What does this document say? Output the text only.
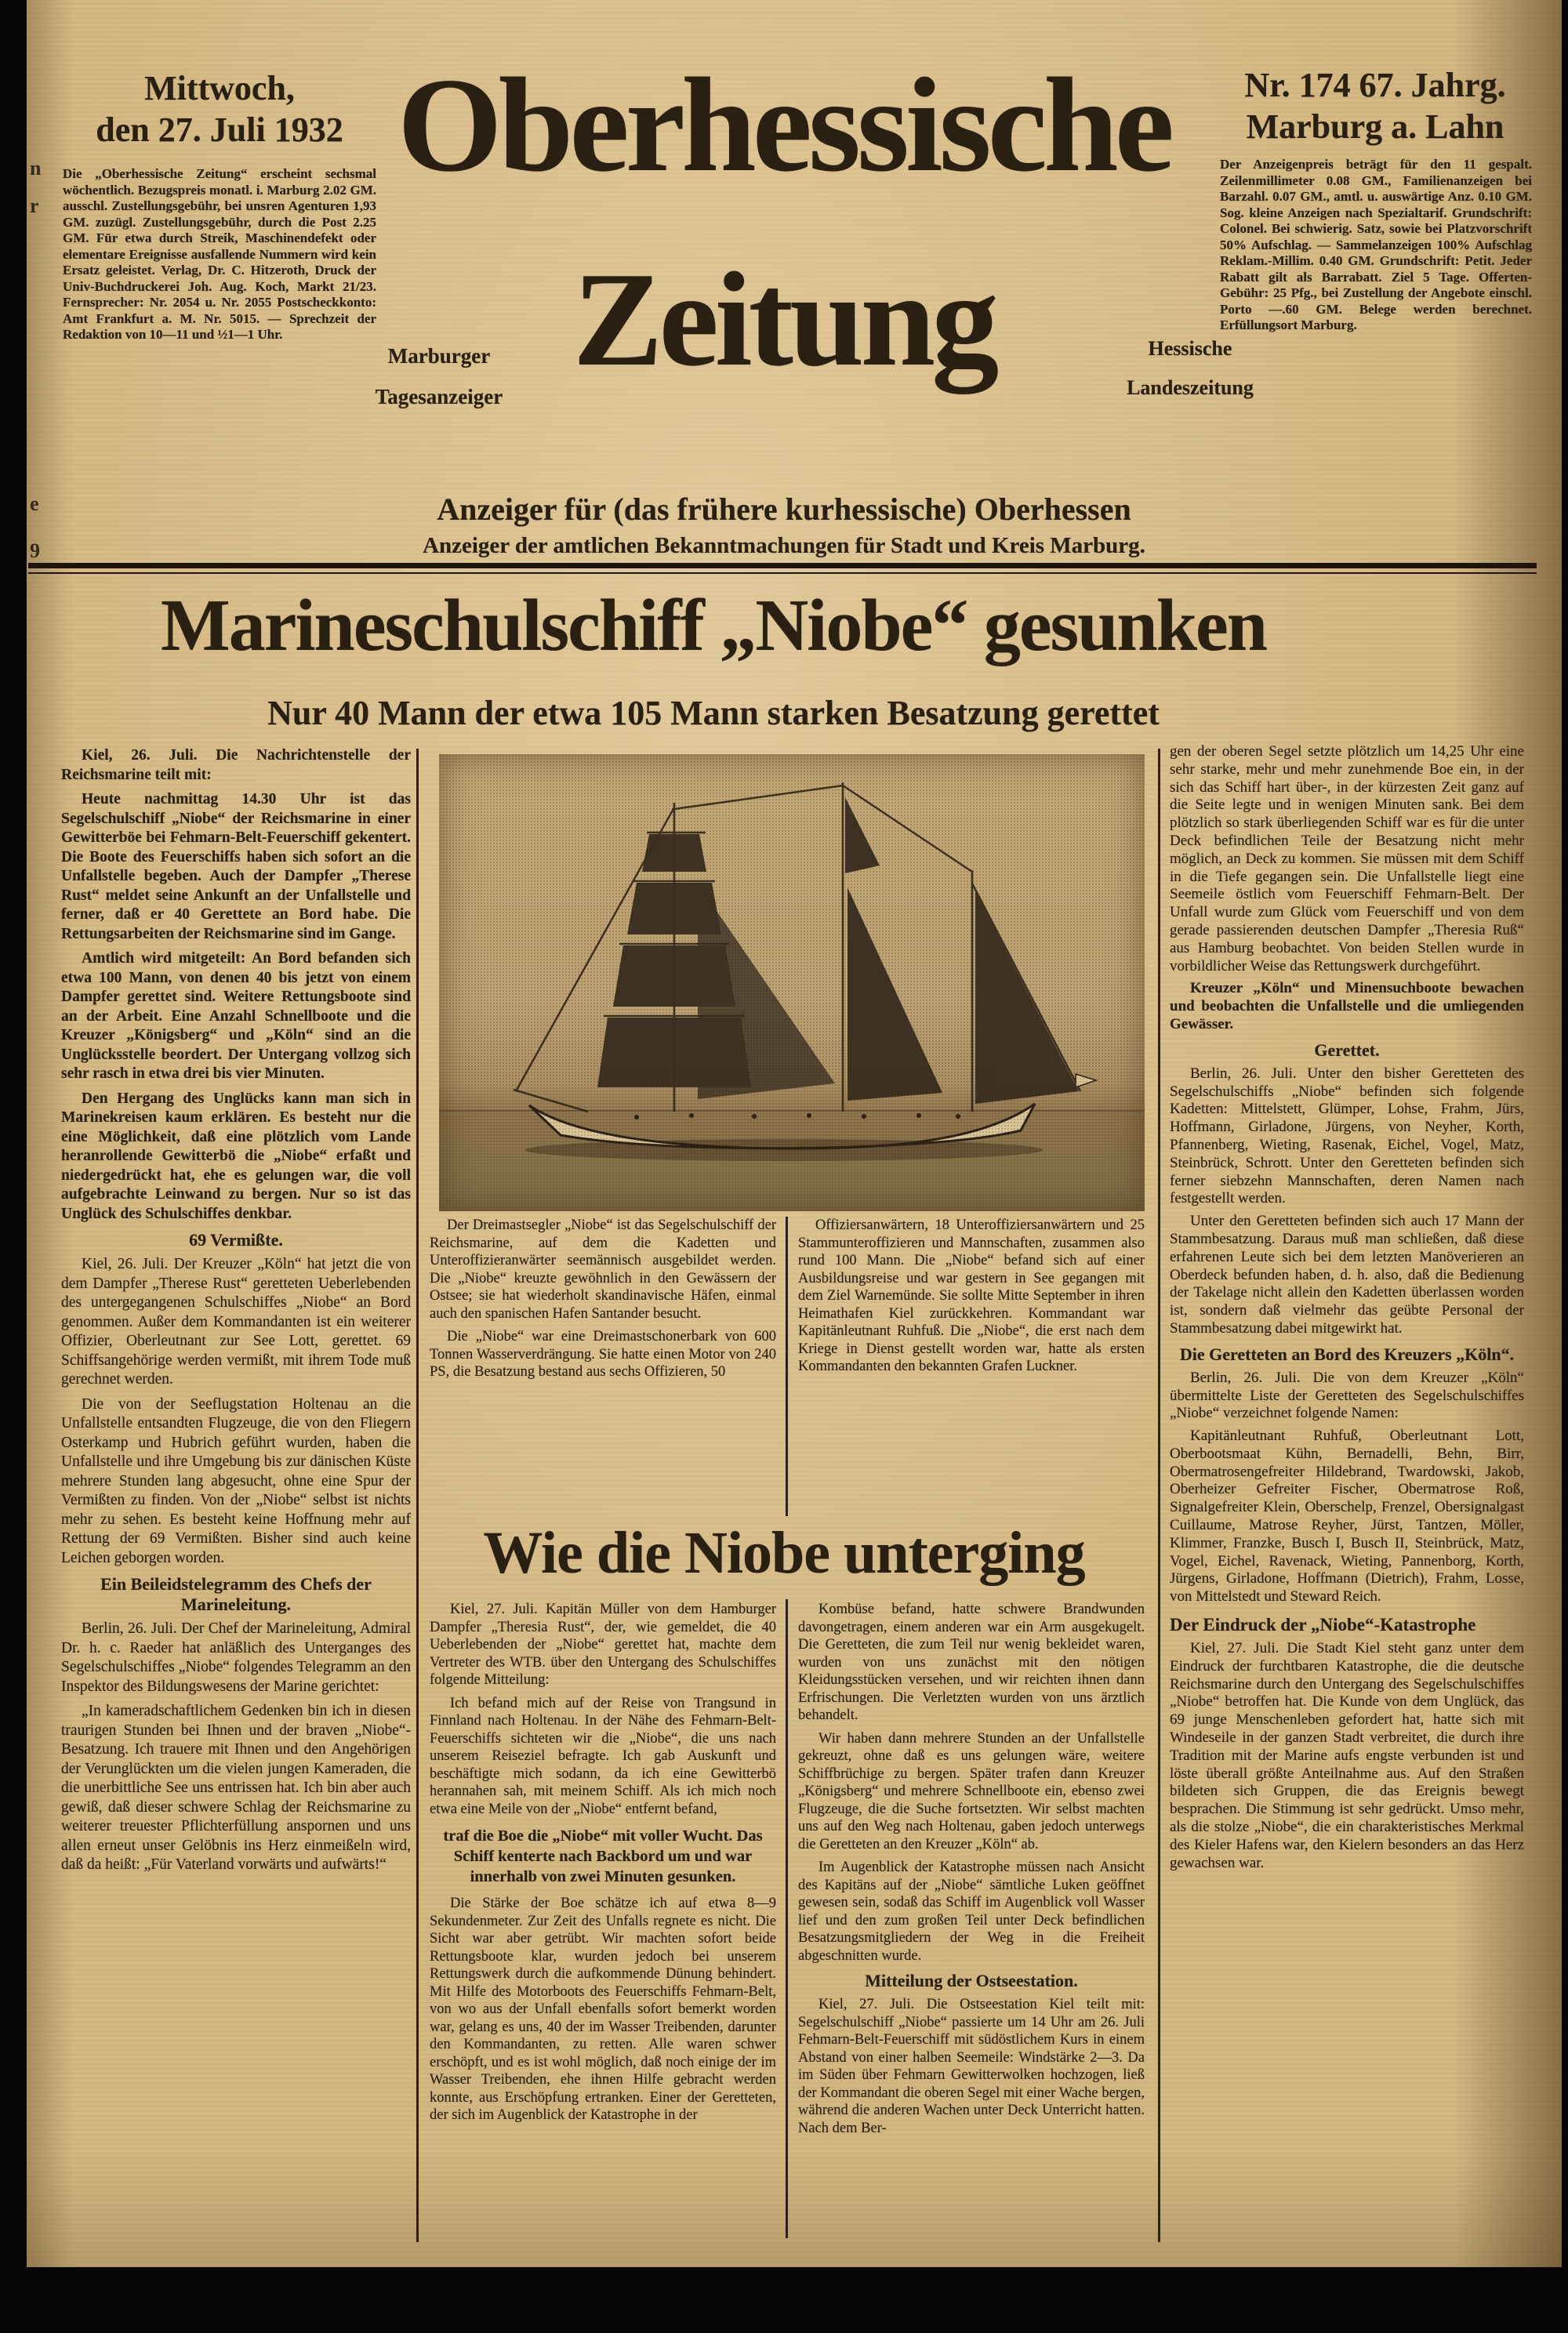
n
r
e
9
Mittwoch,
den 27. Juli 1932
Die „Oberhessische Zeitung“ erscheint sechsmal wöchentlich. Bezugspreis monatl. i. Marburg 2.02 GM. ausschl. Zustellungsgebühr, bei unsren Agenturen 1,93 GM. zuzügl. Zustellungsgebühr, durch die Post 2.25 GM. Für etwa durch Streik, Maschinendefekt oder elementare Ereignisse ausfallende Nummern wird kein Ersatz geleistet. Verlag, Dr. C. Hitzeroth, Druck der Univ-Buchdruckerei Joh. Aug. Koch, Markt 21/23. Fernsprecher: Nr. 2054 u. Nr. 2055 Postscheckkonto: Amt Frankfurt a. M. Nr. 5015. — Sprechzeit der Redaktion von 10—11 und ½1—1 Uhr.
Oberhessische
Zeitung
Marburger
Tagesanzeiger
Hessische
Landeszeitung
Nr. 174 67. Jahrg.
Marburg a. Lahn
Der Anzeigenpreis beträgt für den 11 gespalt. Zeilenmillimeter 0.08 GM., Familienanzeigen bei Barzahl. 0.07 GM., amtl. u. auswärtige Anz. 0.10 GM. Sog. kleine Anzeigen nach Spezialtarif. Grundschrift: Colonel. Bei schwierig. Satz, sowie bei Platzvorschrift 50% Aufschlag. — Sammelanzeigen 100% Aufschlag Reklam.-Millim. 0.40 GM. Grundschrift: Petit. Jeder Rabatt gilt als Barrabatt. Ziel 5 Tage. Offerten-Gebühr: 25 Pfg., bei Zustellung der Angebote einschl. Porto —.60 GM. Belege werden berechnet. Erfüllungsort Marburg.
Anzeiger für (das frühere kurhessische) Oberhessen
Anzeiger der amtlichen Bekanntmachungen für Stadt und Kreis Marburg.
Marineschulschiff „Niobe“ gesunken
Nur 40 Mann der etwa 105 Mann starken Besatzung gerettet

Kiel, 26. Juli. Die Nachrichtenstelle der Reichsmarine teilt mit:

Heute nachmittag 14.30 Uhr ist das Segelschulschiff „Niobe“ der Reichsmarine in einer Gewitterböe bei Fehmarn-Belt-Feuerschiff gekentert. Die Boote des Feuerschiffs haben sich sofort an die Unfallstelle begeben. Auch der Dampfer „Therese Rust“ meldet seine Ankunft an der Unfallstelle und ferner, daß er 40 Gerettete an Bord habe. Die Rettungsarbeiten der Reichsmarine sind im Gange.

Amtlich wird mitgeteilt: An Bord befanden sich etwa 100 Mann, von denen 40 bis jetzt von einem Dampfer gerettet sind. Weitere Rettungsboote sind an der Arbeit. Eine Anzahl Schnellboote und die Kreuzer „Königsberg“ und „Köln“ sind an die Unglücksstelle beordert. Der Untergang vollzog sich sehr rasch in etwa drei bis vier Minuten.

Den Hergang des Unglücks kann man sich in Marinekreisen kaum erklären. Es besteht nur die eine Möglichkeit, daß eine plötzlich vom Lande heranrollende Gewitterbö die „Niobe“ erfaßt und niedergedrückt hat, ehe es gelungen war, die voll aufgebrachte Leinwand zu bergen. Nur so ist das Unglück des Schulschiffes denkbar.

69 Vermißte.

Kiel, 26. Juli. Der Kreuzer „Köln“ hat jetzt die von dem Dampfer „Therese Rust“ geretteten Ueberlebenden des untergegangenen Schulschiffes „Niobe“ an Bord genommen. Außer dem Kommandanten ist ein weiterer Offizier, Oberleutnant zur See Lott, gerettet. 69 Schiffsangehörige werden vermißt, mit ihrem Tode muß gerechnet werden.

Die von der Seeflugstation Holtenau an die Unfallstelle entsandten Flugzeuge, die von den Fliegern Osterkamp und Hubrich geführt wurden, haben die Unfallstelle und ihre Umgebung bis zur dänischen Küste mehrere Stunden lang abgesucht, ohne eine Spur der Vermißten zu finden. Von der „Niobe“ selbst ist nichts mehr zu sehen. Es besteht keine Hoffnung mehr auf Rettung der 69 Vermißten. Bisher sind auch keine Leichen geborgen worden.

Ein Beileidstelegramm des Chefs der Marineleitung.

Berlin, 26. Juli. Der Chef der Marineleitung, Admiral Dr. h. c. Raeder hat anläßlich des Unterganges des Segelschulschiffes „Niobe“ folgendes Telegramm an den Inspektor des Bildungswesens der Marine gerichtet:

„In kameradschaftlichem Gedenken bin ich in diesen traurigen Stunden bei Ihnen und der braven „Niobe“-Besatzung. Ich trauere mit Ihnen und den Angehörigen der Verunglückten um die vielen jungen Kameraden, die die unerbittliche See uns entrissen hat. Ich bin aber auch gewiß, daß dieser schwere Schlag der Reichsmarine zu weiterer treuester Pflichterfüllung anspornen und uns allen erneut unser Gelöbnis ins Herz einmeißeln wird, daß da heißt: „Für Vaterland vorwärts und aufwärts!“

Der Dreimastsegler „Niobe“ ist das Segelschulschiff der Reichsmarine, auf dem die Kadetten und Unteroffizieranwärter seemännisch ausgebildet werden. Die „Niobe“ kreuzte gewöhnlich in den Gewässern der Ostsee; sie hat wiederholt skandinavische Häfen, einmal auch den spanischen Hafen Santander besucht.

Die „Niobe“ war eine Dreimastschonerbark von 600 Tonnen Wasserverdrängung. Sie hatte einen Motor von 240 PS, die Besatzung bestand aus sechs Offizieren, 50

Offiziersanwärtern, 18 Unteroffiziersanwärtern und 25 Stammunteroffizieren und Mannschaften, zusammen also rund 100 Mann. Die „Niobe“ befand sich auf einer Ausbildungsreise und war gestern in See gegangen mit dem Ziel Warnemünde. Sie sollte Mitte September in ihren Heimathafen Kiel zurückkehren. Kommandant war Kapitänleutnant Ruhfuß. Die „Niobe“, die erst nach dem Kriege in Dienst gestellt worden war, hatte als ersten Kommandanten den bekannten Grafen Luckner.

Wie die Niobe unterging

Kiel, 27. Juli. Kapitän Müller von dem Hamburger Dampfer „Theresia Rust“, der, wie gemeldet, die 40 Ueberlebenden der „Niobe“ gerettet hat, machte dem Vertreter des WTB. über den Untergang des Schulschiffes folgende Mitteilung:

Ich befand mich auf der Reise von Trangsund in Finnland nach Holtenau. In der Nähe des Fehmarn-Belt-Feuerschiffs sichteten wir die „Niobe“, die uns nach unserem Reiseziel befragte. Ich gab Auskunft und beschäftigte mich sodann, da ich eine Gewitterbö herannahen sah, mit meinem Schiff. Als ich mich noch etwa eine Meile von der „Niobe“ entfernt befand,

traf die Boe die „Niobe“ mit voller Wucht. Das Schiff kenterte nach Backbord um und war innerhalb von zwei Minuten gesunken.

Die Stärke der Boe schätze ich auf etwa 8—9 Sekundenmeter. Zur Zeit des Unfalls regnete es nicht. Die Sicht war aber getrübt. Wir machten sofort beide Rettungsboote klar, wurden jedoch bei unserem Rettungswerk durch die aufkommende Dünung behindert. Mit Hilfe des Motorboots des Feuerschiffs Fehmarn-Belt, von wo aus der Unfall ebenfalls sofort bemerkt worden war, gelang es uns, 40 der im Wasser Treibenden, darunter den Kommandanten, zu retten. Alle waren schwer erschöpft, und es ist wohl möglich, daß noch einige der im Wasser Treibenden, ehe ihnen Hilfe gebracht werden konnte, aus Erschöpfung ertranken. Einer der Geretteten, der sich im Augenblick der Katastrophe in der

Kombüse befand, hatte schwere Brandwunden davongetragen, einem anderen war ein Arm ausgekugelt. Die Geretteten, die zum Teil nur wenig bekleidet waren, wurden von uns zunächst mit den nötigen Kleidungsstücken versehen, und wir reichten ihnen dann Erfrischungen. Die Verletzten wurden von uns ärztlich behandelt.

Wir haben dann mehrere Stunden an der Unfallstelle gekreuzt, ohne daß es uns gelungen wäre, weitere Schiffbrüchige zu bergen. Später trafen dann Kreuzer „Königsberg“ und mehrere Schnellboote ein, ebenso zwei Flugzeuge, die die Suche fortsetzten. Wir selbst machten uns auf den Weg nach Holtenau, gaben jedoch unterwegs die Geretteten an den Kreuzer „Köln“ ab.

Im Augenblick der Katastrophe müssen nach Ansicht des Kapitäns auf der „Niobe“ sämtliche Luken geöffnet gewesen sein, sodaß das Schiff im Augenblick voll Wasser lief und den zum großen Teil unter Deck befindlichen Besatzungsmitgliedern der Weg in die Freiheit abgeschnitten wurde.

Mitteilung der Ostseestation.

Kiel, 27. Juli. Die Ostseestation Kiel teilt mit: Segelschulschiff „Niobe“ passierte um 14 Uhr am 26. Juli Fehmarn-Belt-Feuerschiff mit südöstlichem Kurs in einem Abstand von einer halben Seemeile: Windstärke 2—3. Da im Süden über Fehmarn Gewitterwolken hochzogen, ließ der Kommandant die oberen Segel mit einer Wache bergen, während die anderen Wachen unter Deck Unterricht hatten. Nach dem Ber-

gen der oberen Segel setzte plötzlich um 14,25 Uhr eine sehr starke, mehr und mehr zunehmende Boe ein, in der sich das Schiff hart über-, in der kürzesten Zeit ganz auf die Seite legte und in wenigen Minuten sank. Bei dem plötzlich so stark überliegenden Schiff war es für die unter Deck befindlichen Teile der Besatzung nicht mehr möglich, an Deck zu kommen. Sie müssen mit dem Schiff in die Tiefe gegangen sein. Die Unfallstelle liegt eine Seemeile östlich vom Feuerschiff Fehmarn-Belt. Der Unfall wurde zum Glück vom Feuerschiff und von dem gerade passierenden deutschen Dampfer „Theresia Ruß“ aus Hamburg beobachtet. Von beiden Stellen wurde in vorbildlicher Weise das Rettungswerk durchgeführt.

Kreuzer „Köln“ und Minensuchboote bewachen und beobachten die Unfallstelle und die umliegenden Gewässer.

Gerettet.

Berlin, 26. Juli. Unter den bisher Geretteten des Segelschulschiffs „Niobe“ befinden sich folgende Kadetten: Mittelstett, Glümper, Lohse, Frahm, Jürs, Hoffmann, Girladone, Jürgens, von Neyher, Korth, Pfannenberg, Wieting, Rasenak, Eichel, Vogel, Matz, Steinbrück, Schrott. Unter den Geretteten befinden sich ferner siebzehn Mannschaften, deren Namen nach festgestellt werden.

Unter den Geretteten befinden sich auch 17 Mann der Stammbesatzung. Daraus muß man schließen, daß diese erfahrenen Leute sich bei dem letzten Manöverieren an Oberdeck befunden haben, d. h. also, daß die Bedienung der Takelage nicht allein den Kadetten überlassen worden ist, sondern daß vielmehr das geübte Personal der Stammbesatzung dabei mitgewirkt hat.

Die Geretteten an Bord des Kreuzers „Köln“.

Berlin, 26. Juli. Die von dem Kreuzer „Köln“ übermittelte Liste der Geretteten des Segelschulschiffes „Niobe“ verzeichnet folgende Namen:

Kapitänleutnant Ruhfuß, Oberleutnant Lott, Oberbootsmaat Kühn, Bernadelli, Behn, Birr, Obermatrosengefreiter Hildebrand, Twardowski, Jakob, Oberheizer Gefreiter Fischer, Obermatrose Roß, Signalgefreiter Klein, Oberschelp, Frenzel, Obersignalgast Cuillaume, Matrose Reyher, Jürst, Tantzen, Möller, Klimmer, Franzke, Busch I, Busch II, Steinbrück, Matz, Vogel, Eichel, Ravenack, Wieting, Pannenborg, Korth, Jürgens, Girladone, Hoffmann (Dietrich), Frahm, Losse, von Mittelstedt und Steward Reich.

Der Eindruck der „Niobe“-Katastrophe

Kiel, 27. Juli. Die Stadt Kiel steht ganz unter dem Eindruck der furchtbaren Katastrophe, die die deutsche Reichsmarine durch den Untergang des Segelschulschiffes „Niobe“ betroffen hat. Die Kunde von dem Unglück, das 69 junge Menschenleben gefordert hat, hatte sich mit Windeseile in der ganzen Stadt verbreitet, die durch ihre Tradition mit der Marine aufs engste verbunden ist und löste überall größte Anteilnahme aus. Auf den Straßen bildeten sich Gruppen, die das Ereignis bewegt besprachen. Die Stimmung ist sehr gedrückt. Umso mehr, als die stolze „Niobe“, die ein charakteristisches Merkmal des Kieler Hafens war, den Kielern besonders an das Herz gewachsen war.
